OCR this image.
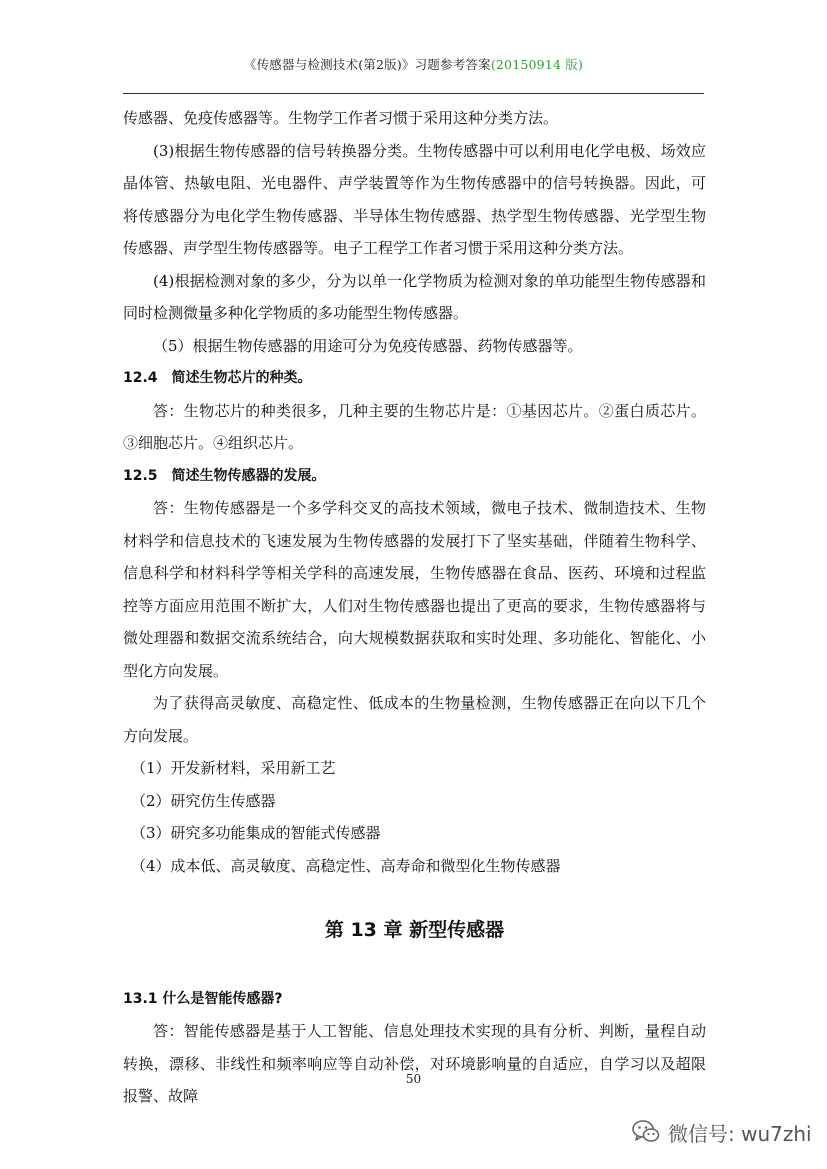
《传感器与检测技术(第2版)》习题参考答案(20150914 版)

传感器、免疫传感器等。生物学工作者习惯于采用这种分类方法。

(3)根据生物传感器的信号转换器分类。生物传感器中可以利用电化学电极、场效应晶体管、热敏电阻、光电器件、声学装置等作为生物传感器中的信号转换器。因此，可将传感器分为电化学生物传感器、半导体生物传感器、热学型生物传感器、光学型生物传感器、声学型生物传感器等。电子工程学工作者习惯于采用这种分类方法。

(4)根据检测对象的多少，分为以单一化学物质为检测对象的单功能型生物传感器和同时检测微量多种化学物质的多功能型生物传感器。

（5）根据生物传感器的用途可分为免疫传感器、药物传感器等。

12.4　简述生物芯片的种类。

答：生物芯片的种类很多，几种主要的生物芯片是：①基因芯片。②蛋白质芯片。③细胞芯片。④组织芯片。

12.5　简述生物传感器的发展。

答：生物传感器是一个多学科交叉的高技术领域，微电子技术、微制造技术、生物材料学和信息技术的飞速发展为生物传感器的发展打下了坚实基础，伴随着生物科学、信息科学和材料科学等相关学科的高速发展，生物传感器在食品、医药、环境和过程监控等方面应用范围不断扩大，人们对生物传感器也提出了更高的要求，生物传感器将与微处理器和数据交流系统结合，向大规模数据获取和实时处理、多功能化、智能化、小型化方向发展。

为了获得高灵敏度、高稳定性、低成本的生物量检测，生物传感器正在向以下几个方向发展。

（1）开发新材料，采用新工艺

（2）研究仿生传感器

（3）研究多功能集成的智能式传感器

（4）成本低、高灵敏度、高稳定性、高寿命和微型化生物传感器

第 13 章 新型传感器

13.1 什么是智能传感器?

答：智能传感器是基于人工智能、信息处理技术实现的具有分析、判断，量程自动转换，漂移、非线性和频率响应等自动补偿，对环境影响量的自适应，自学习以及超限报警、故障

50
微信号: wu7zhi
